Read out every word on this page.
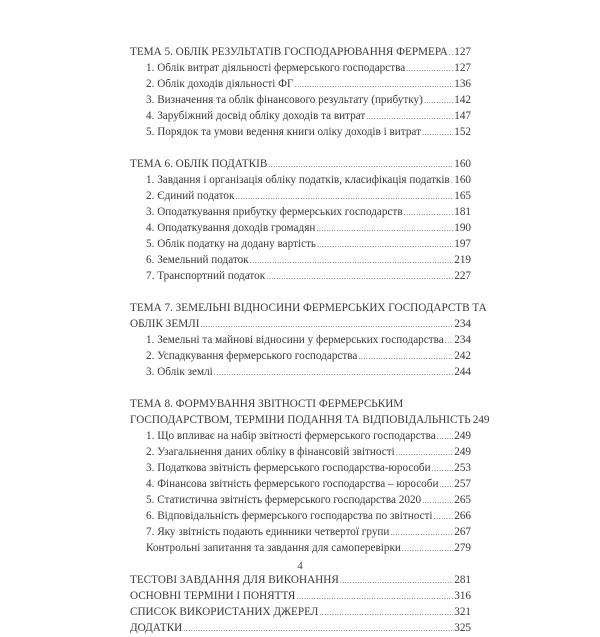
ТЕМА 5. ОБЛІК РЕЗУЛЬТАТІВ ГОСПОДАРЮВАННЯ ФЕРМЕРА ..... 127
1. Облік витрат діяльності фермерського господарства .....	127
2. Облік доходів діяльності ФГ .....	136
3. Визначення та облік фінансового результату (прибутку) .....	142
4. Зарубіжний досвід обліку доходів та витрат .....	147
5. Порядок та умови ведення книги оліку доходів і витрат .....	152
ТЕМА 6. ОБЛІК ПОДАТКІВ .....	160
1. Завдання і організація обліку податків, класифікація податків ..... 160
2. Єдиний податок .....	165
3. Оподаткування прибутку фермерських господарств .....	181
4. Оподаткування доходів громадян .....	190
5. Облік податку на додану вартість .....	197
6. Земельний податок .....	219
7. Транспортний податок .....	227
ТЕМА 7. ЗЕМЕЛЬНІ ВІДНОСИНИ ФЕРМЕРСЬКИХ ГОСПОДАРСТВ ТА
ОБЛІК ЗЕМЛІ .....	234
1. Земельні та майнові відносини у фермерських господарства ..... 234
2. Успадкування фермерського господарства .....	242
3. Облік землі .....	244
ТЕМА 8. ФОРМУВАННЯ ЗВІТНОСТІ ФЕРМЕРСЬКИМ
ГОСПОДАРСТВОМ, ТЕРМІНИ ПОДАННЯ ТА ВІДПОВІДАЛЬНІСТЬ 249
1. Що впливає на набір звітності фермерського господарства ..... 249
2. Узагальнення даних обліку в фінансовій звітності .....	249
3. Податкова звітність фермерського господарства-юрособи ..... 253
4. Фінансова звітність фермерського господарства – юрособи ..... 257
5. Статистична звітність фермерського господарства 2020 .....	265
6. Відповідальність фермерського господарства по звітності ..... 266
7. Яку звітність подають единники четвертої групи .....	267
Контрольні запитання та завдання для самоперевірки .....	279
ТЕСТОВІ ЗАВДАННЯ ДЛЯ ВИКОНАННЯ .....	281
ОСНОВНІ ТЕРМІНИ І ПОНЯТТЯ .....	316
СПИСОК ВИКОРИСТАНИХ ДЖЕРЕЛ .....	321
ДОДАТКИ .....	325
4
